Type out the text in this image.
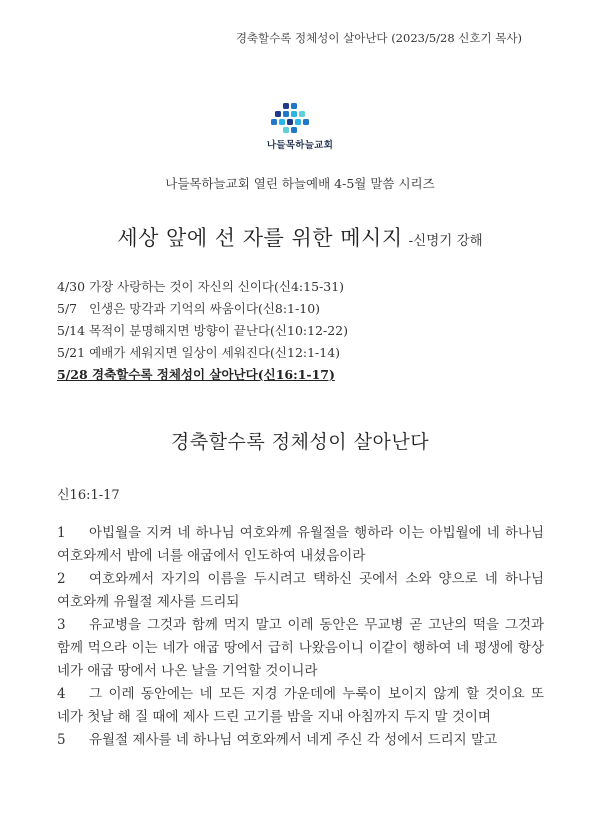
경축할수록 정체성이 살아난다 (2023/5/28 신호기 목사)
나들목하늘교회
나들목하늘교회 열린 하늘예배 4-5월 말씀 시리즈
세상 앞에 선 자를 위한 메시지 -신명기 강해
4/30 가장 사랑하는 것이 자신의 신이다(신4:15-31)
5/7 인생은 망각과 기억의 싸움이다(신8:1-10)
5/14 목적이 분명해지면 방향이 끝난다(신10:12-22)
5/21 예배가 세워지면 일상이 세워진다(신12:1-14)
5/28 경축할수록 정체성이 살아난다(신16:1-17)
경축할수록 정체성이 살아난다
신16:1-17
1 아빕월을 지켜 네 하나님 여호와께 유월절을 행하라 이는 아빕월에 네 하나님 여호와께서 밤에 너를 애굽에서 인도하여 내셨음이라
2 여호와께서 자기의 이름을 두시려고 택하신 곳에서 소와 양으로 네 하나님 여호와께 유월절 제사를 드리되
3 유교병을 그것과 함께 먹지 말고 이레 동안은 무교병 곧 고난의 떡을 그것과 함께 먹으라 이는 네가 애굽 땅에서 급히 나왔음이니 이같이 행하여 네 평생에 항상 네가 애굽 땅에서 나온 날을 기억할 것이니라
4 그 이레 동안에는 네 모든 지경 가운데에 누룩이 보이지 않게 할 것이요 또 네가 첫날 해 질 때에 제사 드린 고기를 밤을 지내 아침까지 두지 말 것이며
5 유월절 제사를 네 하나님 여호와께서 네게 주신 각 성에서 드리지 말고
